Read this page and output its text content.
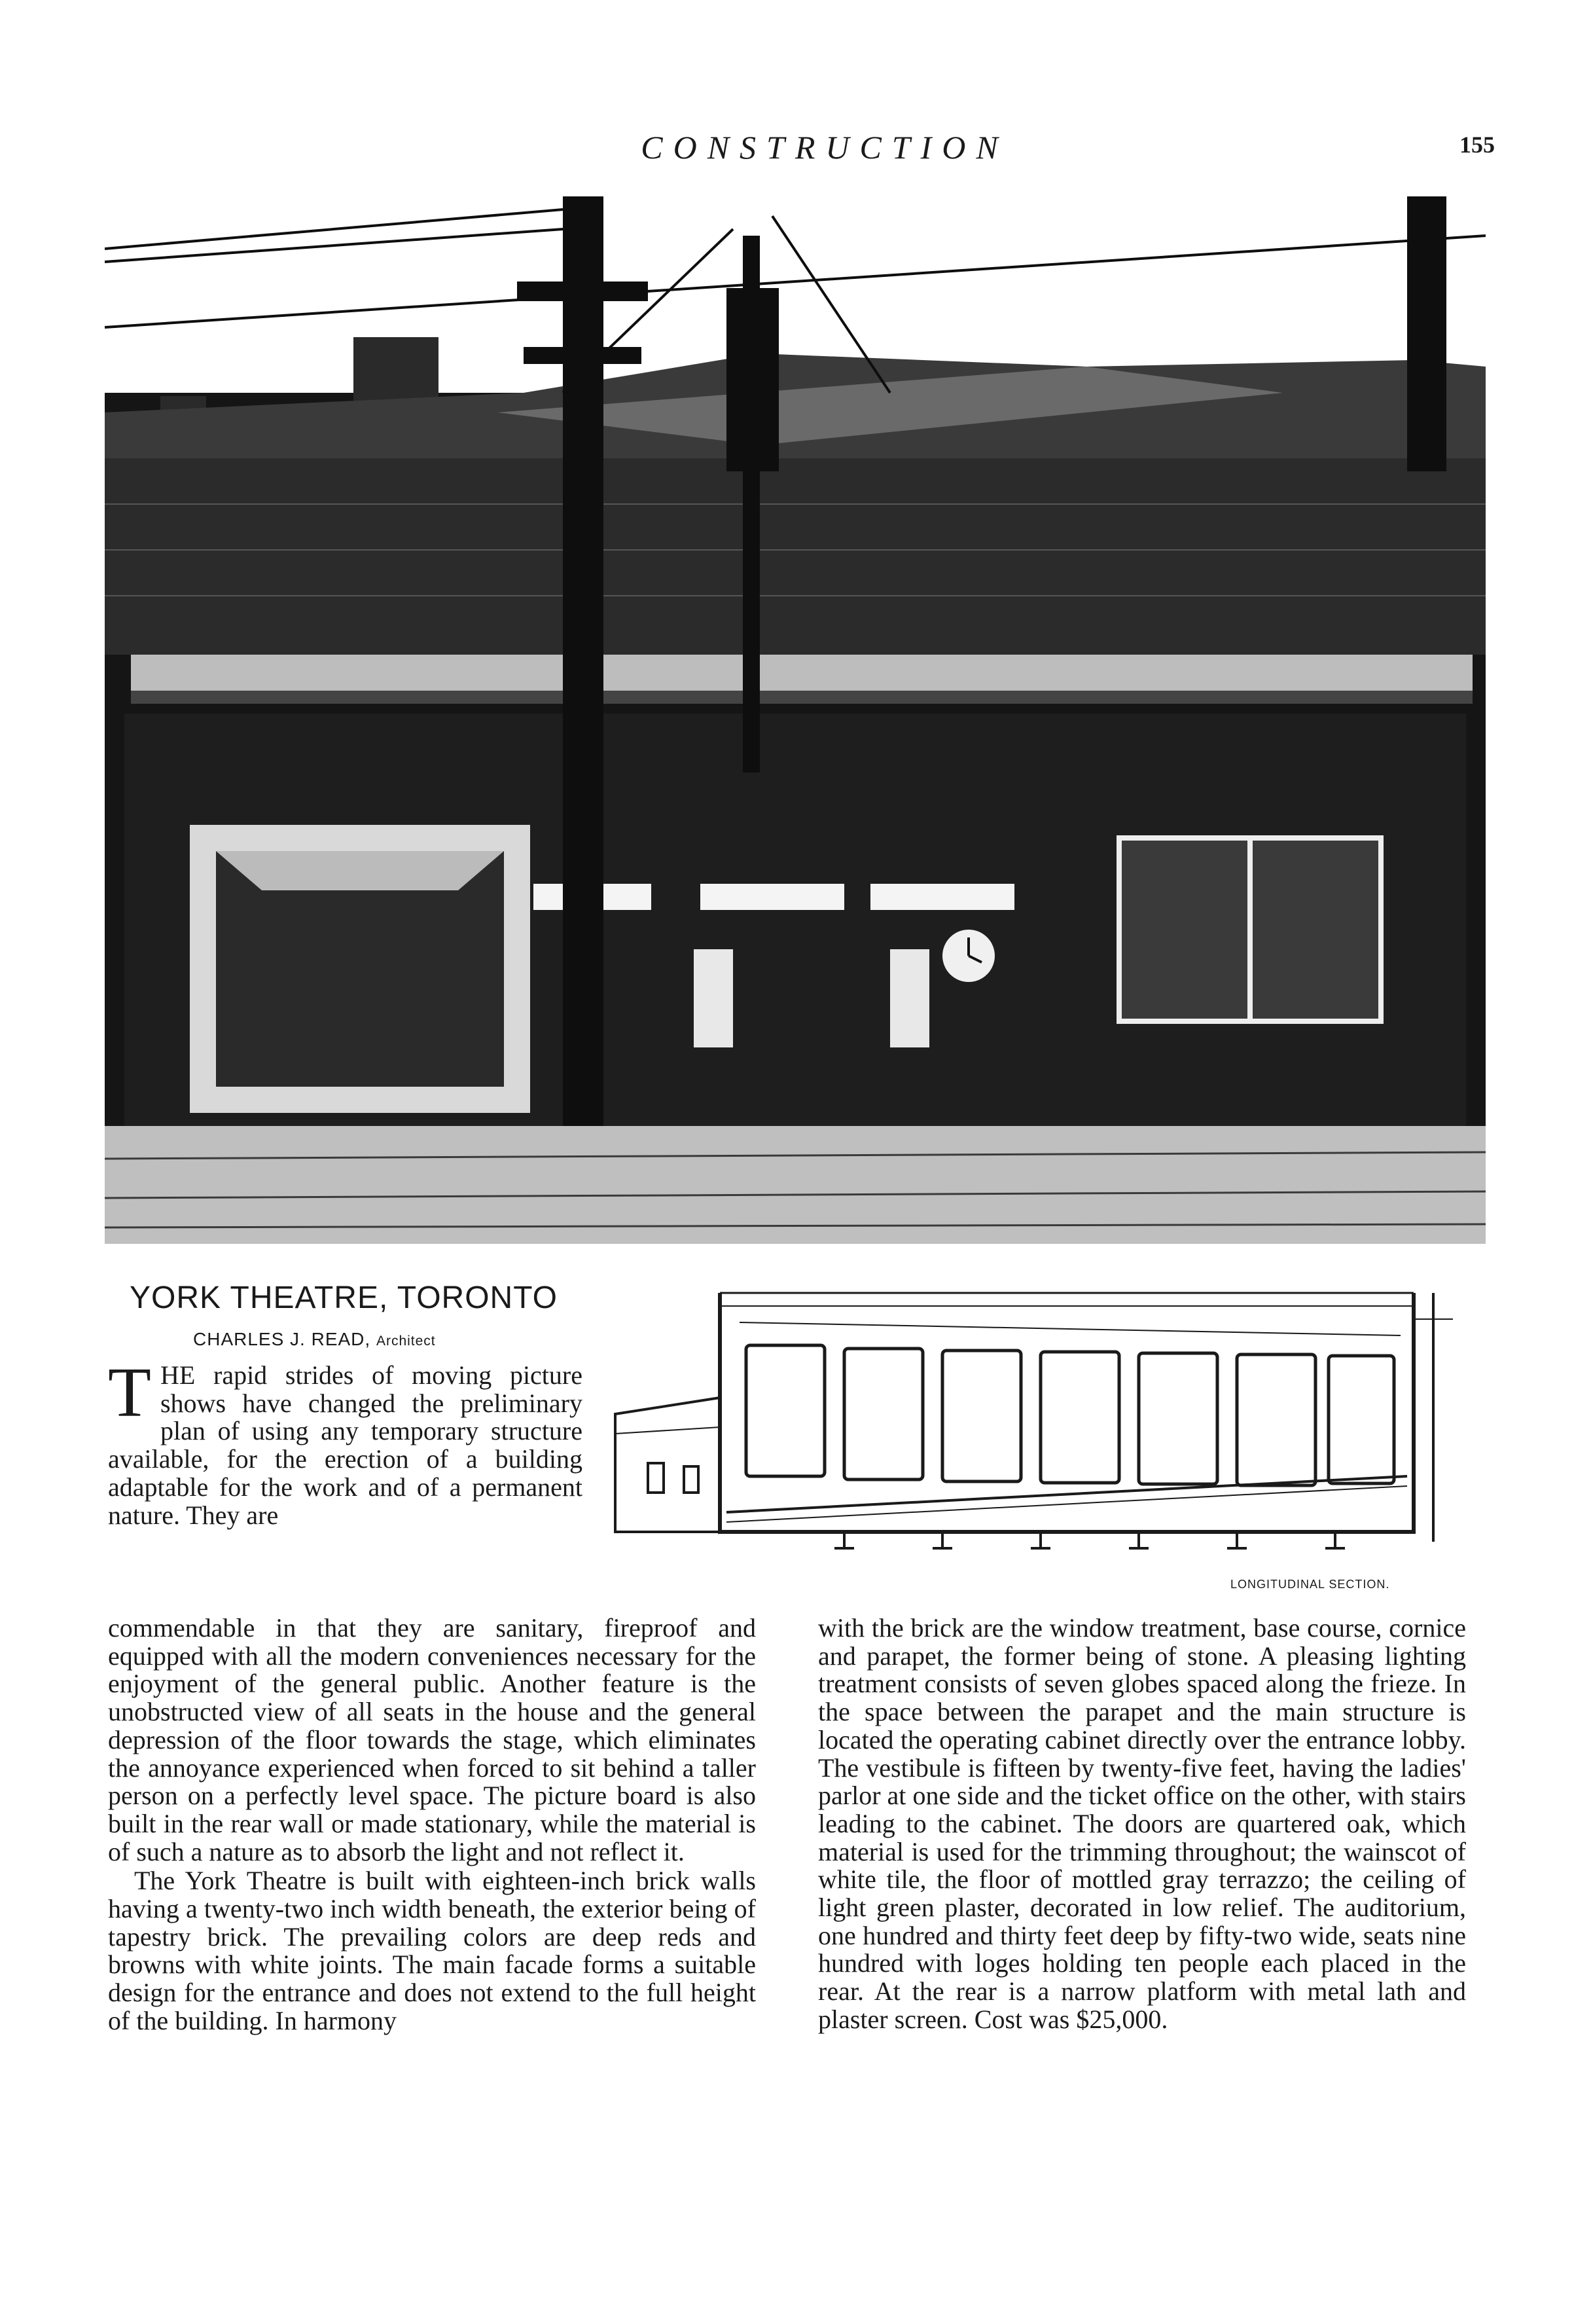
CONSTRUCTION	155
YORK THEATRE, TORONTO
CHARLES J. READ, Architect
LONGITUDINAL SECTION.

THE rapid strides of moving picture shows have changed the preliminary plan of using any temporary structure available, for the erection of a building adaptable for the work and of a permanent nature. They are

commendable in that they are sanitary, fireproof and equipped with all the modern conveniences necessary for the enjoyment of the general public. Another feature is the unobstructed view of all seats in the house and the general depression of the floor towards the stage, which eliminates the annoyance experienced when forced to sit behind a taller person on a perfectly level space. The picture board is also built in the rear wall or made stationary, while the material is of such a nature as to absorb the light and not reflect it.

The York Theatre is built with eighteen-inch brick walls having a twenty-two inch width beneath, the exterior being of tapestry brick. The prevailing colors are deep reds and browns with white joints. The main facade forms a suitable design for the entrance and does not extend to the full height of the building. In harmony

with the brick are the window treatment, base course, cornice and parapet, the former being of stone. A pleasing lighting treatment consists of seven globes spaced along the frieze. In the space between the parapet and the main structure is located the operating cabinet directly over the entrance lobby. The vestibule is fifteen by twenty-five feet, having the ladies' parlor at one side and the ticket office on the other, with stairs leading to the cabinet. The doors are quartered oak, which material is used for the trimming throughout; the wainscot of white tile, the floor of mottled gray terrazzo; the ceiling of light green plaster, decorated in low relief. The auditorium, one hundred and thirty feet deep by fifty-two wide, seats nine hundred with loges holding ten people each placed in the rear. At the rear is a narrow platform with metal lath and plaster screen. Cost was $25,000.
